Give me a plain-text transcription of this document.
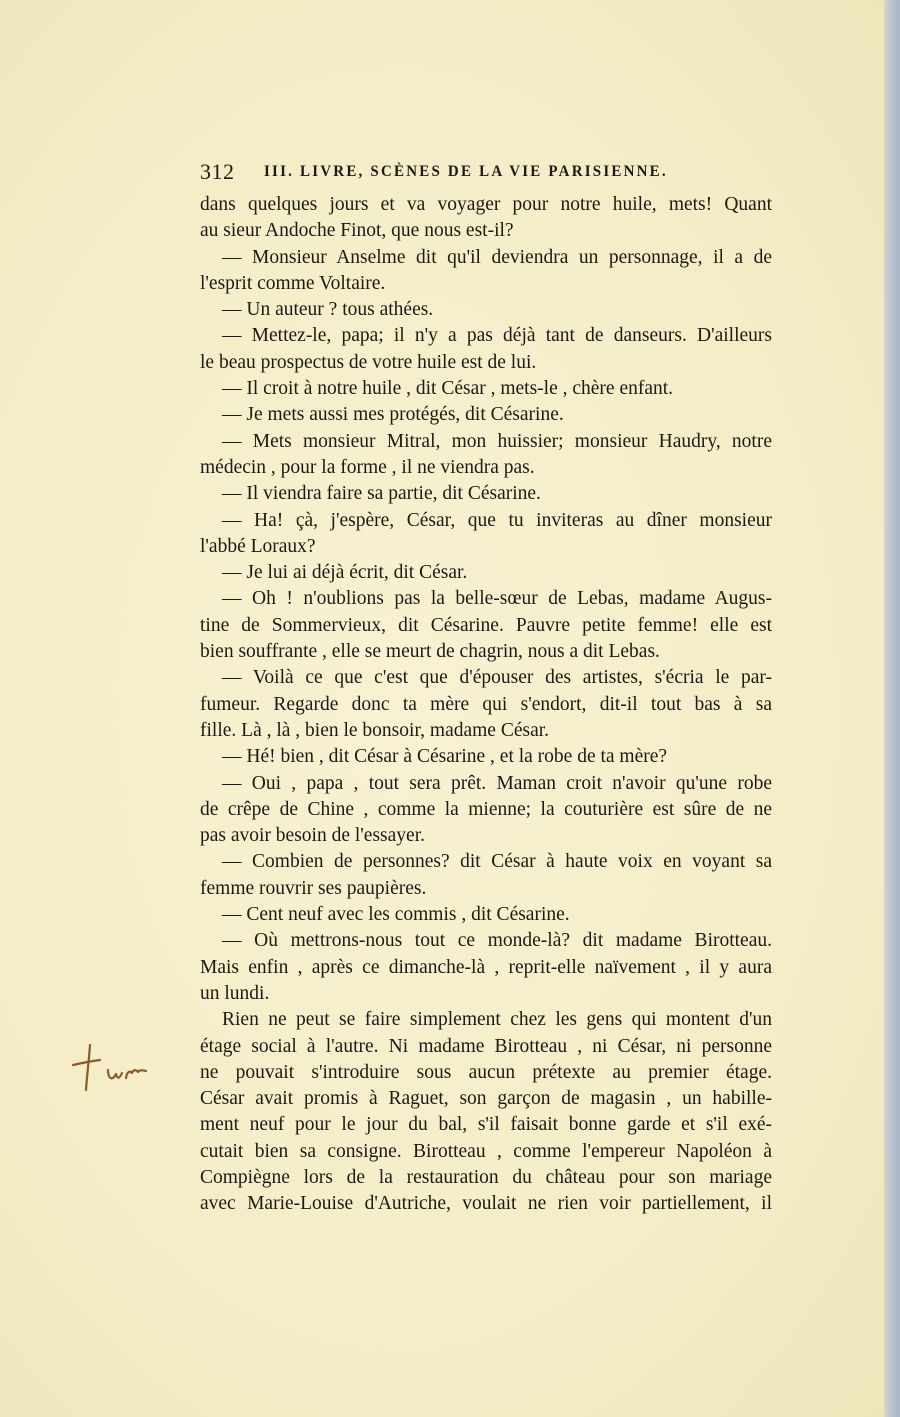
312	III. LIVRE, SCÈNES DE LA VIE PARISIENNE.
dans quelques jours et va voyager pour notre huile, mets! Quant
au sieur Andoche Finot, que nous est-il?
— Monsieur Anselme dit qu'il deviendra un personnage, il a de
l'esprit comme Voltaire.
— Un auteur ? tous athées.
— Mettez-le, papa; il n'y a pas déjà tant de danseurs. D'ailleurs
le beau prospectus de votre huile est de lui.
— Il croit à notre huile , dit César , mets-le , chère enfant.
— Je mets aussi mes protégés, dit Césarine.
— Mets monsieur Mitral, mon huissier; monsieur Haudry, notre
médecin , pour la forme , il ne viendra pas.
— Il viendra faire sa partie, dit Césarine.
— Ha! çà, j'espère, César, que tu inviteras au dîner monsieur
l'abbé Loraux?
— Je lui ai déjà écrit, dit César.
— Oh ! n'oublions pas la belle-sœur de Lebas, madame Augus-
tine de Sommervieux, dit Césarine. Pauvre petite femme! elle est
bien souffrante , elle se meurt de chagrin, nous a dit Lebas.
— Voilà ce que c'est que d'épouser des artistes, s'écria le par-
fumeur. Regarde donc ta mère qui s'endort, dit-il tout bas à sa
fille. Là , là , bien le bonsoir, madame César.
— Hé! bien , dit César à Césarine , et la robe de ta mère?
— Oui , papa , tout sera prêt. Maman croit n'avoir qu'une robe
de crêpe de Chine , comme la mienne; la couturière est sûre de ne
pas avoir besoin de l'essayer.
— Combien de personnes? dit César à haute voix en voyant sa
femme rouvrir ses paupières.
— Cent neuf avec les commis , dit Césarine.
— Où mettrons-nous tout ce monde-là? dit madame Birotteau.
Mais enfin , après ce dimanche-là , reprit-elle naïvement , il y aura
un lundi.
Rien ne peut se faire simplement chez les gens qui montent d'un
étage social à l'autre. Ni madame Birotteau , ni César, ni personne
ne pouvait s'introduire sous aucun prétexte au premier étage.
César avait promis à Raguet, son garçon de magasin , un habille-
ment neuf pour le jour du bal, s'il faisait bonne garde et s'il exé-
cutait bien sa consigne. Birotteau , comme l'empereur Napoléon à
Compiègne lors de la restauration du château pour son mariage
avec Marie-Louise d'Autriche, voulait ne rien voir partiellement, il
